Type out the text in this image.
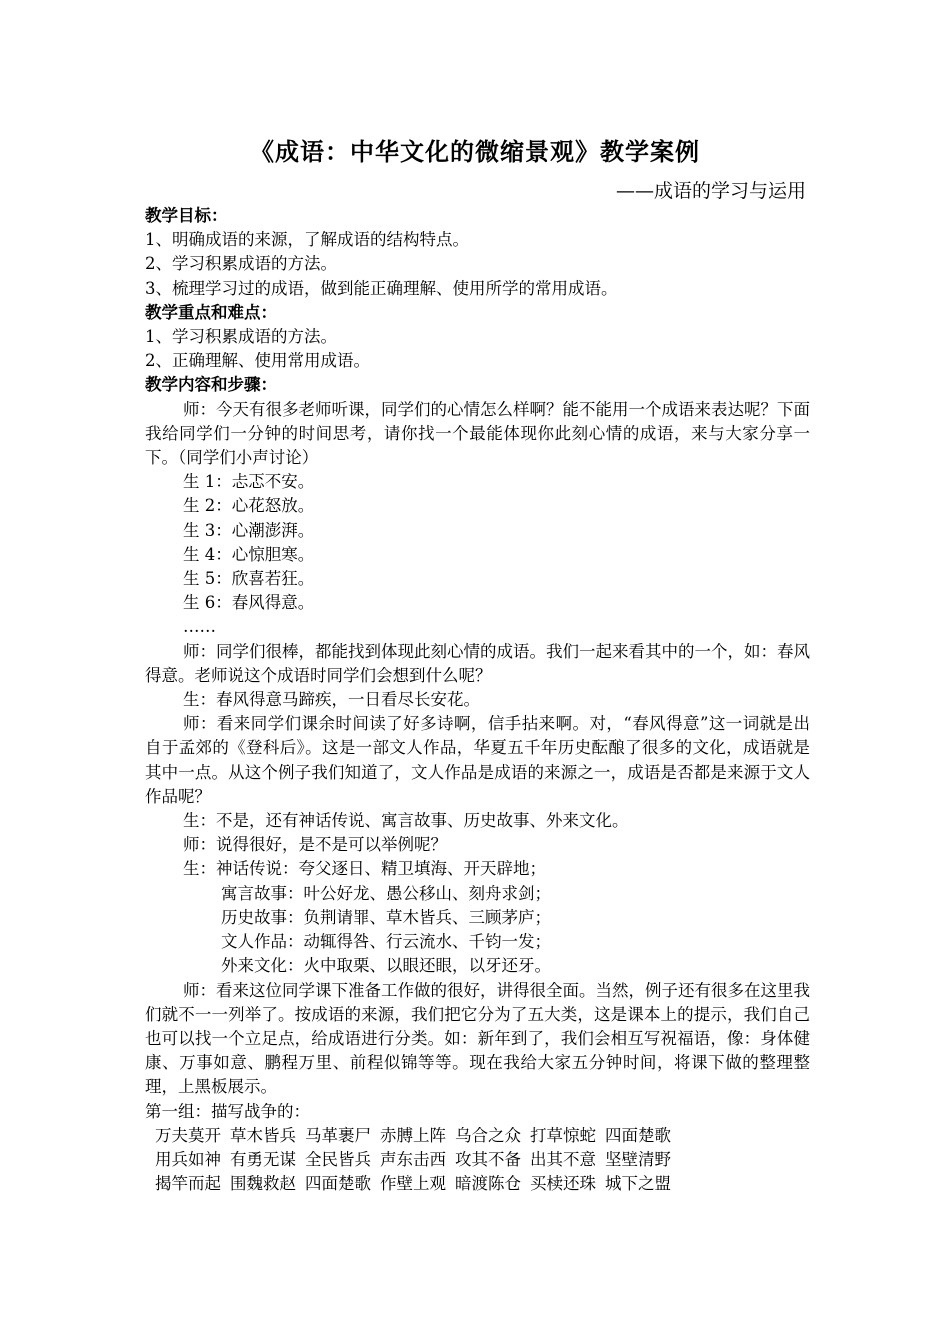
《成语：中华文化的微缩景观》教学案例
——成语的学习与运用
教学目标：
1、明确成语的来源，了解成语的结构特点。
2、学习积累成语的方法。
3、梳理学习过的成语，做到能正确理解、使用所学的常用成语。
教学重点和难点：
1、学习积累成语的方法。
2、正确理解、使用常用成语。
教学内容和步骤：
师：今天有很多老师听课，同学们的心情怎么样啊？能不能用一个成语来表达呢？下面我给同学们一分钟的时间思考，请你找一个最能体现你此刻心情的成语，来与大家分享一下。（同学们小声讨论）
生 1：忐忑不安。
生 2：心花怒放。
生 3：心潮澎湃。
生 4：心惊胆寒。
生 5：欣喜若狂。
生 6：春风得意。
……
师：同学们很棒，都能找到体现此刻心情的成语。我们一起来看其中的一个，如：春风得意。老师说这个成语时同学们会想到什么呢？
生：春风得意马蹄疾，一日看尽长安花。
师：看来同学们课余时间读了好多诗啊，信手拈来啊。对，“春风得意”这一词就是出自于孟郊的《登科后》。这是一部文人作品，华夏五千年历史酝酿了很多的文化，成语就是其中一点。从这个例子我们知道了，文人作品是成语的来源之一，成语是否都是来源于文人作品呢？
生：不是，还有神话传说、寓言故事、历史故事、外来文化。
师：说得很好，是不是可以举例呢？
生：神话传说：夸父逐日、精卫填海、开天辟地；
寓言故事：叶公好龙、愚公移山、刻舟求剑；
历史故事：负荆请罪、草木皆兵、三顾茅庐；
文人作品：动辄得咎、行云流水、千钧一发；
外来文化：火中取栗、以眼还眼，以牙还牙。
师：看来这位同学课下准备工作做的很好，讲得很全面。当然，例子还有很多在这里我们就不一一列举了。按成语的来源，我们把它分为了五大类，这是课本上的提示，我们自己也可以找一个立足点，给成语进行分类。如：新年到了，我们会相互写祝福语，像：身体健康、万事如意、鹏程万里、前程似锦等等。现在我给大家五分钟时间，将课下做的整理整理，上黑板展示。
第一组：描写战争的：
万夫莫开 草木皆兵 马革裹尸 赤膊上阵 乌合之众 打草惊蛇 四面楚歌
用兵如神 有勇无谋 全民皆兵 声东击西 攻其不备 出其不意 坚壁清野
揭竿而起 围魏救赵 四面楚歌 作壁上观 暗渡陈仓 买椟还珠 城下之盟
